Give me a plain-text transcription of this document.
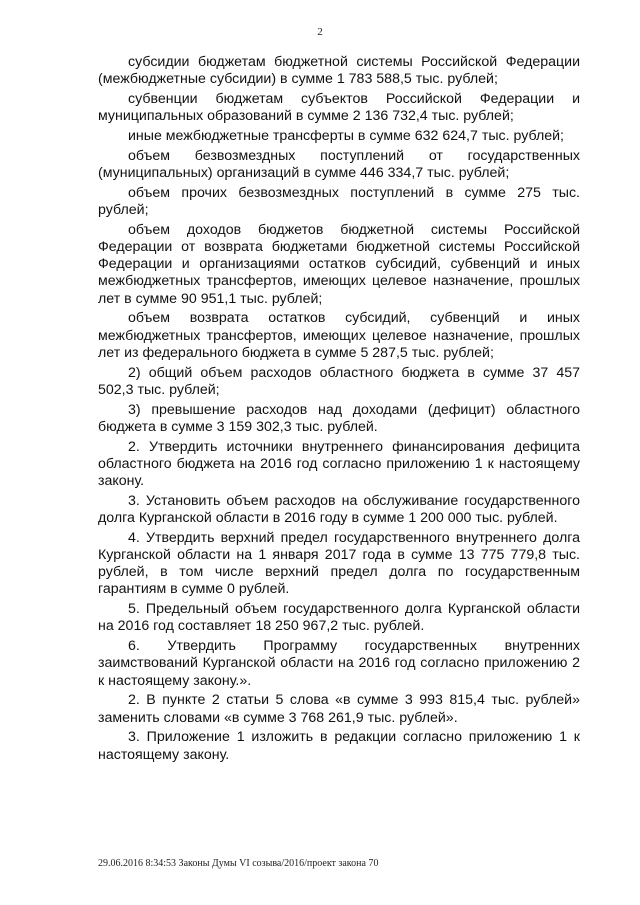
2

субсидии бюджетам бюджетной системы Российской Федерации (межбюджетные субсидии) в сумме 1 783 588,5 тыс. рублей;

субвенции бюджетам субъектов Российской Федерации и муниципальных образований в сумме 2 136 732,4 тыс. рублей;

иные межбюджетные трансферты в сумме 632 624,7 тыс. рублей;

объем безвозмездных поступлений от государственных (муниципальных) организаций в сумме 446 334,7 тыс. рублей;

объем прочих безвозмездных поступлений в сумме 275 тыс. рублей;

объем доходов бюджетов бюджетной системы Российской Федерации от возврата бюджетами бюджетной системы Российской Федерации и организациями остатков субсидий, субвенций и иных межбюджетных трансфертов, имеющих целевое назначение, прошлых лет в сумме 90 951,1 тыс. рублей;

объем возврата остатков субсидий, субвенций и иных межбюджетных трансфертов, имеющих целевое назначение, прошлых лет из федерального бюджета в сумме 5 287,5 тыс. рублей;

2) общий объем расходов областного бюджета в сумме 37 457 502,3 тыс. рублей;

3) превышение расходов над доходами (дефицит) областного бюджета в сумме 3 159 302,3 тыс. рублей.

2. Утвердить источники внутреннего финансирования дефицита областного бюджета на 2016 год согласно приложению 1 к настоящему закону.

3. Установить объем расходов на обслуживание государственного долга Курганской области в 2016 году в сумме 1 200 000 тыс. рублей.

4. Утвердить верхний предел государственного внутреннего долга Курганской области на 1 января 2017 года в сумме 13 775 779,8 тыс. рублей, в том числе верхний предел долга по государственным гарантиям в сумме 0 рублей.

5. Предельный объем государственного долга Курганской области на 2016 год составляет 18 250 967,2 тыс. рублей.

6. Утвердить Программу государственных внутренних заимствований Курганской области на 2016 год согласно приложению 2 к настоящему закону.».

2. В пункте 2 статьи 5 слова «в сумме 3 993 815,4 тыс. рублей» заменить словами «в сумме 3 768 261,9 тыс. рублей».

3. Приложение 1 изложить в редакции согласно приложению 1 к настоящему закону.

29.06.2016 8:34:53 Законы Думы VI созыва/2016/проект закона 70
